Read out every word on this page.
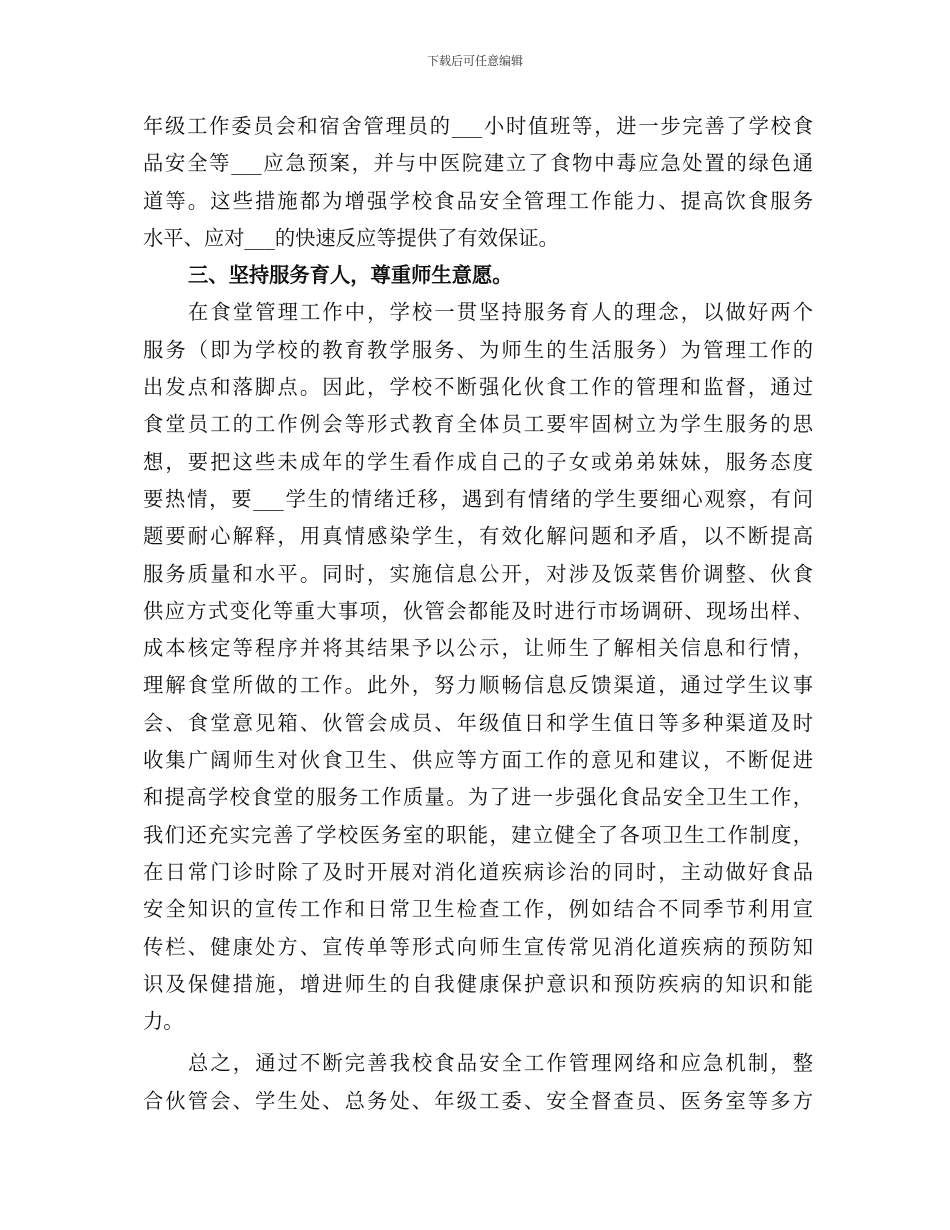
下载后可任意编辑
年级工作委员会和宿舍管理员的___小时值班等，进一步完善了学校食
品安全等___应急预案，并与中医院建立了食物中毒应急处置的绿色通
道等。这些措施都为增强学校食品安全管理工作能力、提高饮食服务
水平、应对___的快速反应等提供了有效保证。
三、坚持服务育人，尊重师生意愿。
在食堂管理工作中，学校一贯坚持服务育人的理念，以做好两个
服务（即为学校的教育教学服务、为师生的生活服务）为管理工作的
出发点和落脚点。因此，学校不断强化伙食工作的管理和监督，通过
食堂员工的工作例会等形式教育全体员工要牢固树立为学生服务的思
想，要把这些未成年的学生看作成自己的子女或弟弟妹妹，服务态度
要热情，要___学生的情绪迁移，遇到有情绪的学生要细心观察，有问
题要耐心解释，用真情感染学生，有效化解问题和矛盾，以不断提高
服务质量和水平。同时，实施信息公开，对涉及饭菜售价调整、伙食
供应方式变化等重大事项，伙管会都能及时进行市场调研、现场出样、
成本核定等程序并将其结果予以公示，让师生了解相关信息和行情，
理解食堂所做的工作。此外，努力顺畅信息反馈渠道，通过学生议事
会、食堂意见箱、伙管会成员、年级值日和学生值日等多种渠道及时
收集广阔师生对伙食卫生、供应等方面工作的意见和建议，不断促进
和提高学校食堂的服务工作质量。为了进一步强化食品安全卫生工作，
我们还充实完善了学校医务室的职能，建立健全了各项卫生工作制度，
在日常门诊时除了及时开展对消化道疾病诊治的同时，主动做好食品
安全知识的宣传工作和日常卫生检查工作，例如结合不同季节利用宣
传栏、健康处方、宣传单等形式向师生宣传常见消化道疾病的预防知
识及保健措施，增进师生的自我健康保护意识和预防疾病的知识和能
力。
总之，通过不断完善我校食品安全工作管理网络和应急机制，整
合伙管会、学生处、总务处、年级工委、安全督查员、医务室等多方
